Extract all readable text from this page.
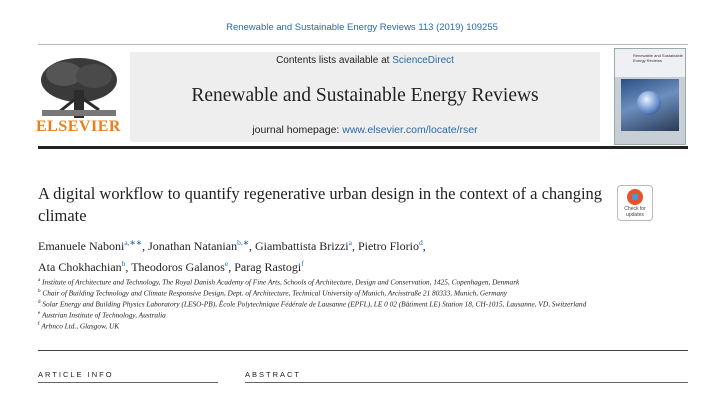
Renewable and Sustainable Energy Reviews 113 (2019) 109255
ELSEVIER
Contents lists available at ScienceDirect
Renewable and Sustainable Energy Reviews
journal homepage: www.elsevier.com/locate/rser
Renewable and Sustainable Energy Reviews
A digital workflow to quantify regenerative urban design in the context of a changing climate	Check for updates
Emanuele Naboni$^{a,∗∗}$, Jonathan Natanian$^{b,∗}$, Giambattista Brizzi$^a$, Pietro Florio$^d$,
Ata Chokhachian$^b$, Theodoros Galanos$^e$, Parag Rastogi$^f$
$^a$ Institute of Architecture and Technology, The Royal Danish Academy of Fine Arts, Schools of Architecture, Design and Conservation, 1425, Copenhagen, Denmark
$^b$ Chair of Building Technology and Climate Responsive Design, Dept. of Architecture, Technical University of Munich, Arcisstraße 21 80333, Munich, Germany
$^d$ Solar Energy and Building Physics Laboratory (LESO-PB), École Polytechnique Fédérale de Lausanne (EPFL), LE 0 02 (Bâtiment LE) Station 18, CH-1015, Lausanne, VD, Switzerland
$^e$ Austrian Institute of Technology, Australia
$^f$ Arbnco Ltd., Glasgow, UK
ARTICLE INFO	ABSTRACT
